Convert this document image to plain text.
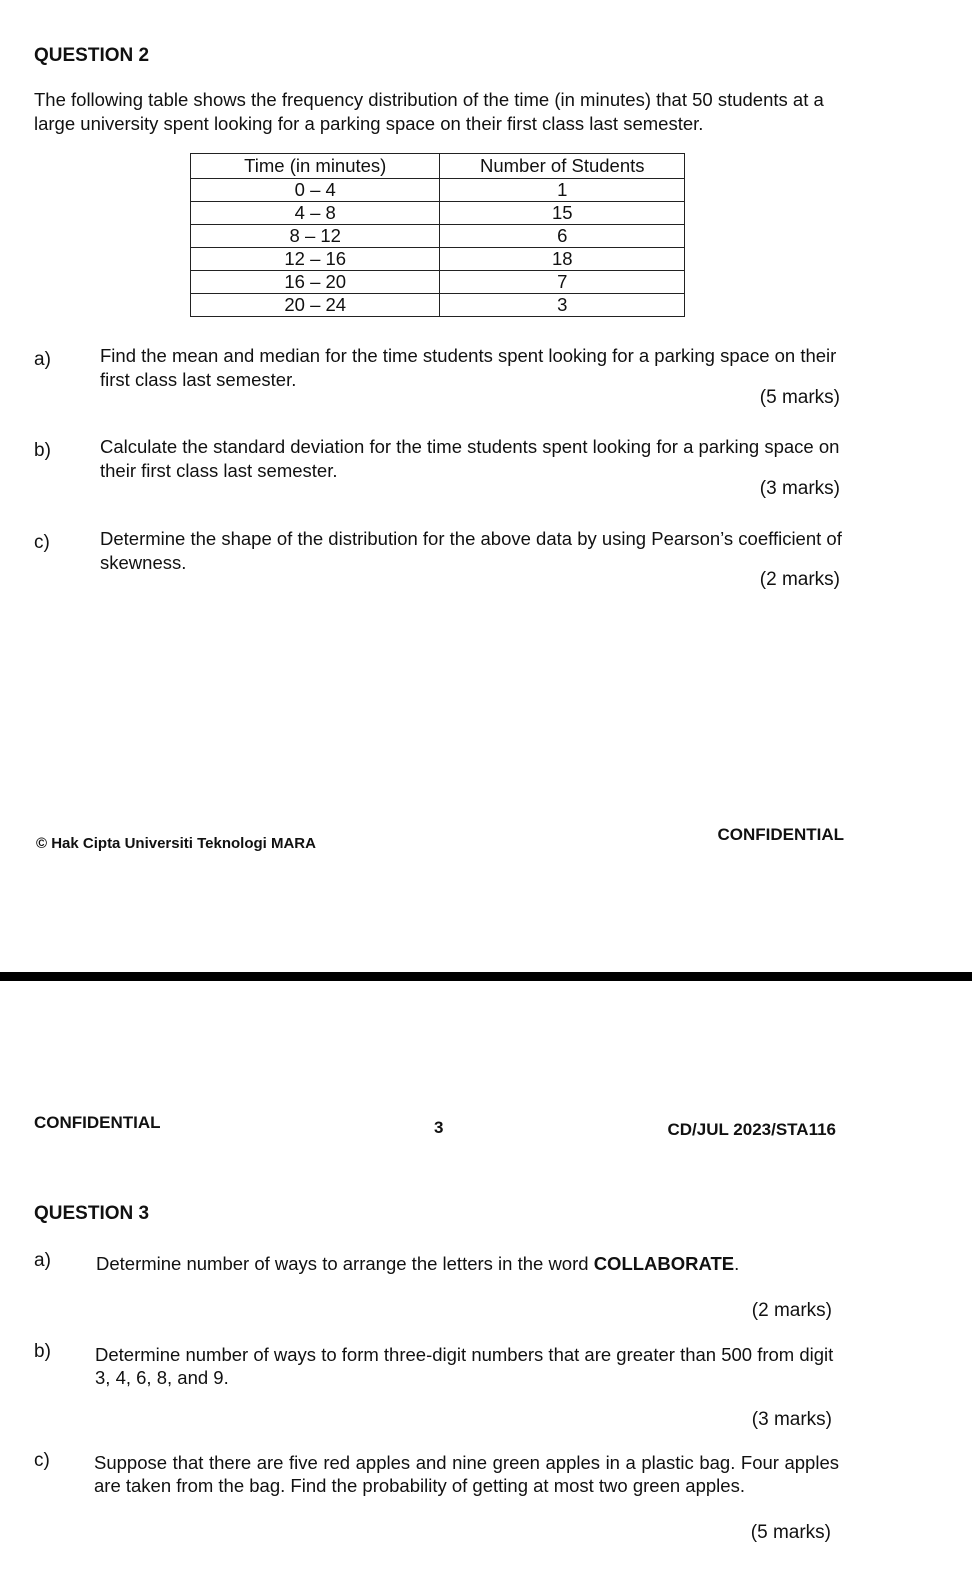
QUESTION 2
The following table shows the frequency distribution of the time (in minutes) that 50 students at a large university spent looking for a parking space on their first class last semester.
Time (in minutes)	Number of Students
0 – 4	1
4 – 8	15
8 – 12	6
12 – 16	18
16 – 20	7
20 – 24	3
a)	Find the mean and median for the time students spent looking for a parking space on their first class last semester.
(5 marks)
b)	Calculate the standard deviation for the time students spent looking for a parking space on their first class last semester.
(3 marks)
c)	Determine the shape of the distribution for the above data by using Pearson’s coefficient of skewness.
(2 marks)
© Hak Cipta Universiti Teknologi MARA	CONFIDENTIAL
CONFIDENTIAL	3	CD/JUL 2023/STA116
QUESTION 3
a) Determine number of ways to arrange the letters in the word COLLABORATE.
(2 marks)
b) Determine number of ways to form three-digit numbers that are greater than 500 from digit 3, 4, 6, 8, and 9.
(3 marks)
c) Suppose that there are five red apples and nine green apples in a plastic bag. Four apples are taken from the bag. Find the probability of getting at most two green apples.
(5 marks)
